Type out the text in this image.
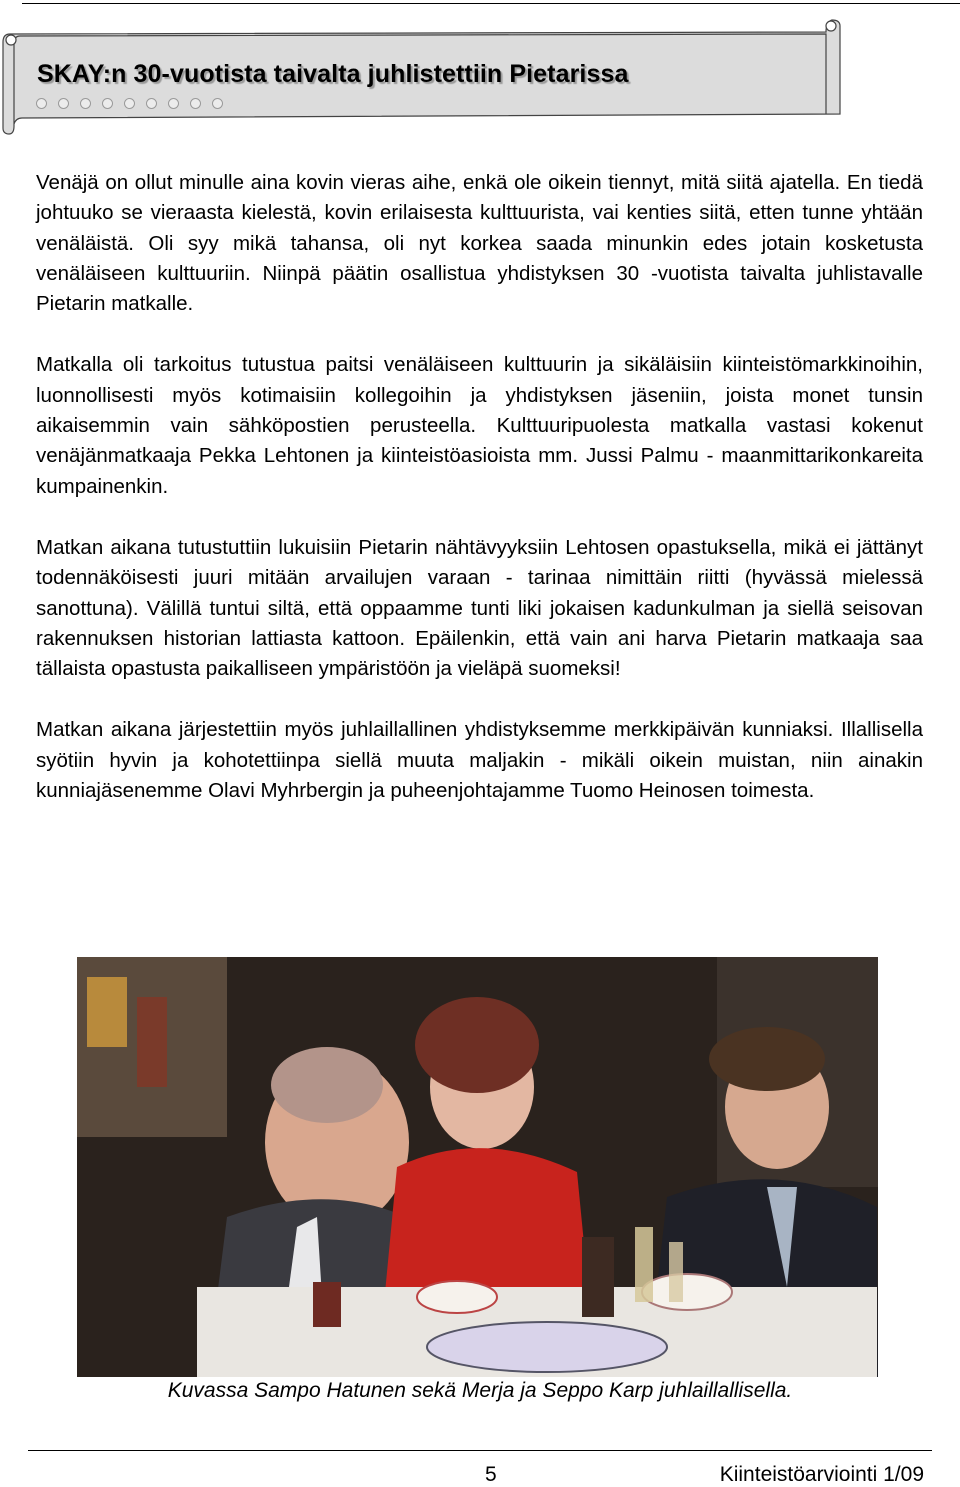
SKAY:n 30-vuotista taivalta juhlistettiin Pietarissa

Venäjä on ollut minulle aina kovin vieras aihe, enkä ole oikein tiennyt, mitä siitä ajatella. En tiedä johtuuko se vieraasta kielestä, kovin erilaisesta kulttuurista, vai kenties siitä, etten tunne yhtään venäläistä. Oli syy mikä tahansa, oli nyt korkea saada minunkin edes jotain kosketusta venäläiseen kulttuuriin. Niinpä päätin osallistua yhdistyksen 30 -vuotista taivalta juhlistavalle Pietarin matkalle.

Matkalla oli tarkoitus tutustua paitsi venäläiseen kulttuurin ja sikäläisiin kiinteistömarkkinoihin, luonnollisesti myös kotimaisiin kollegoihin ja yhdistyksen jäseniin, joista monet tunsin aikaisemmin vain sähköpostien perusteella. Kulttuuripuolesta matkalla vastasi kokenut venäjänmatkaaja Pekka Lehtonen ja kiinteistöasioista mm. Jussi Palmu - maanmittarikonkareita kumpainenkin.

Matkan aikana tutustuttiin lukuisiin Pietarin nähtävyyksiin Lehtosen opastuksella, mikä ei jättänyt todennäköisesti juuri mitään arvailujen varaan - tarinaa nimittäin riitti (hyvässä mielessä sanottuna). Välillä tuntui siltä, että oppaamme tunti liki jokaisen kadunkulman ja siellä seisovan rakennuksen historian lattiasta kattoon. Epäilenkin, että vain ani harva Pietarin matkaaja saa tällaista opastusta paikalliseen ympäristöön ja vieläpä suomeksi!

Matkan aikana järjestettiin myös juhlaillallinen yhdistyksemme merkkipäivän kunniaksi. Illallisella syötiin hyvin ja kohotettiinpa siellä muuta maljakin - mikäli oikein muistan, niin ainakin kunniajäsenemme Olavi Myhrbergin ja puheenjohtajamme Tuomo Heinosen toimesta.

Kuvassa Sampo Hatunen sekä Merja ja Seppo Karp juhlaillallisella.
5	Kiinteistöarviointi 1/09
